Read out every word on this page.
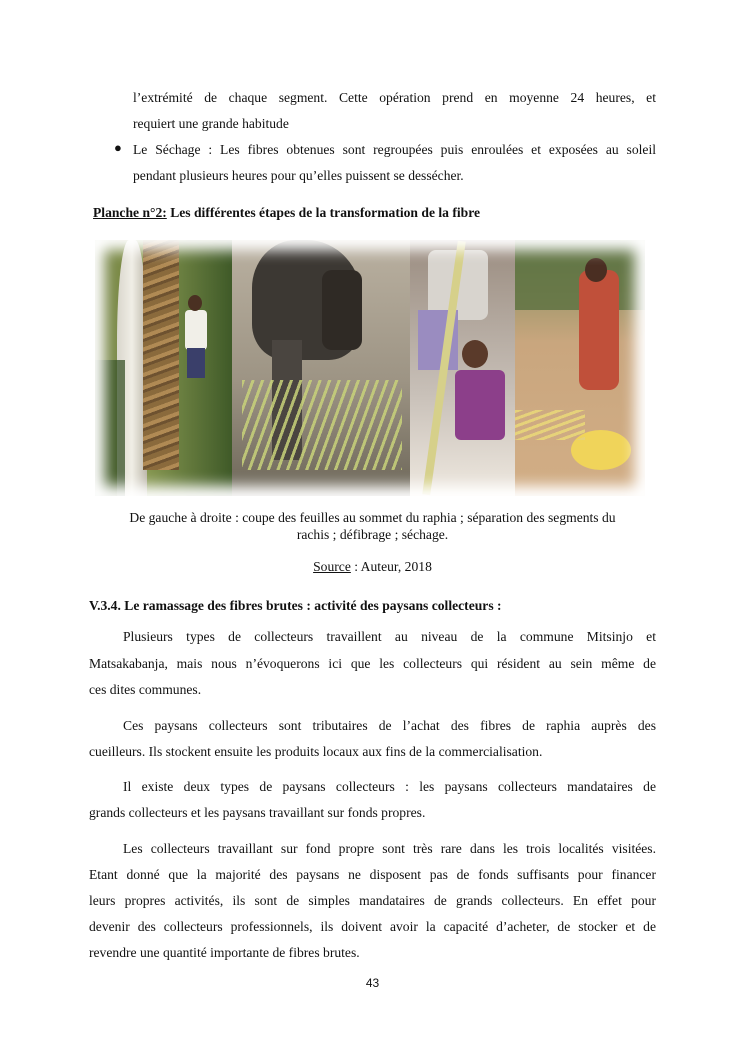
l’extrémité de chaque segment. Cette opération prend en moyenne 24 heures, et
requiert une grande habitude
● Le Séchage : Les fibres obtenues sont regroupées puis enroulées et exposées au soleil
pendant plusieurs heures pour qu’elles puissent se dessécher.
Planche n°2: Les différentes étapes de la transformation de la fibre
De gauche à droite : coupe des feuilles au sommet du raphia ; séparation des segments du
rachis ; défibrage ; séchage.
Source : Auteur, 2018
V.3.4. Le ramassage des fibres brutes : activité des paysans collecteurs :
Plusieurs types de collecteurs travaillent au niveau de la commune Mitsinjo et
Matsakabanja, mais nous n’évoquerons ici que les collecteurs qui résident au sein même de
ces dites communes.
Ces paysans collecteurs sont tributaires de l’achat des fibres de raphia auprès des
cueilleurs. Ils stockent ensuite les produits locaux aux fins de la commercialisation.
Il existe deux types de paysans collecteurs : les paysans collecteurs mandataires de
grands collecteurs et les paysans travaillant sur fonds propres.
Les collecteurs travaillant sur fond propre sont très rare dans les trois localités visitées.
Etant donné que la majorité des paysans ne disposent pas de fonds suffisants pour financer
leurs propres activités, ils sont de simples mandataires de grands collecteurs. En effet pour
devenir des collecteurs professionnels, ils doivent avoir la capacité d’acheter, de stocker et de
revendre une quantité importante de fibres brutes.
43
